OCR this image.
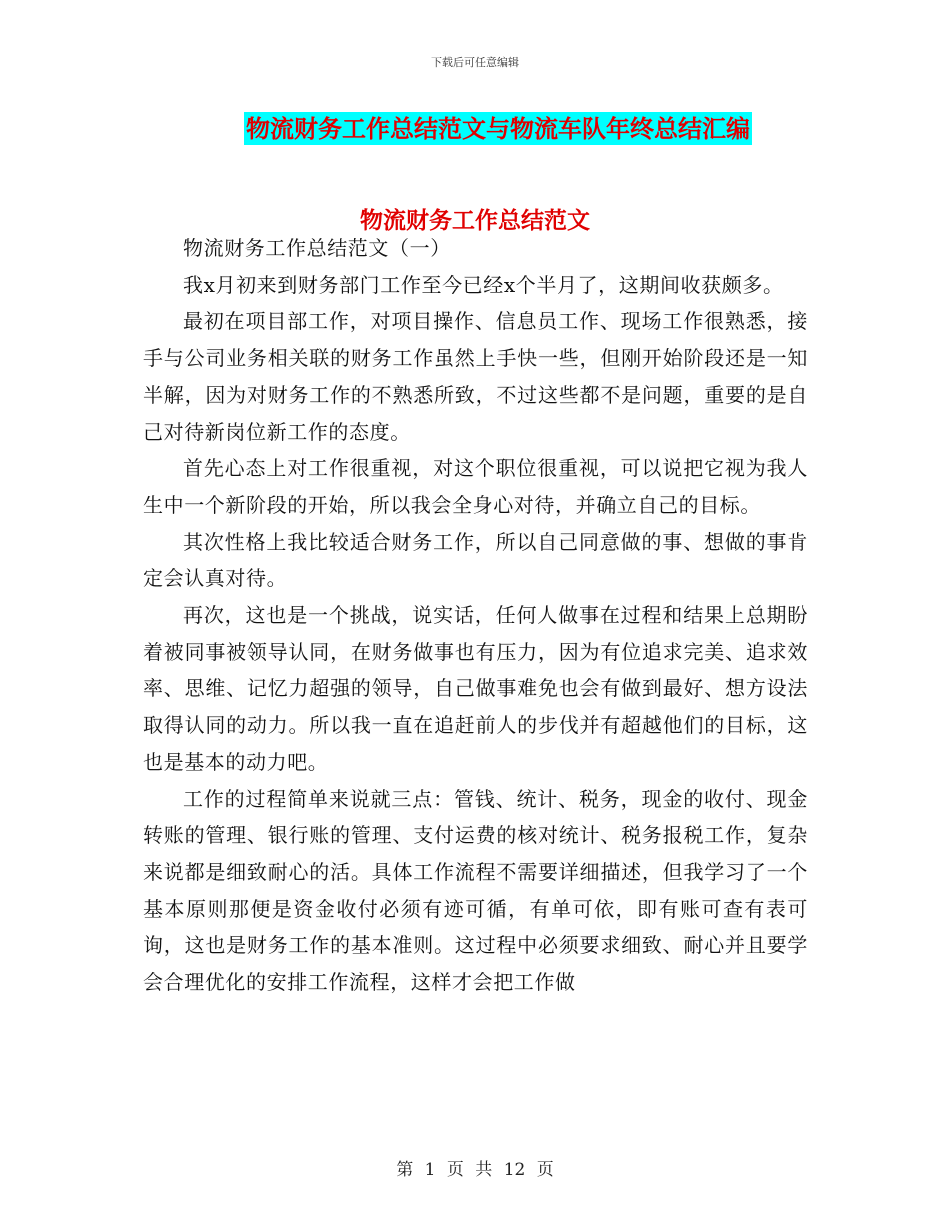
下载后可任意编辑
物流财务工作总结范文与物流车队年终总结汇编
物流财务工作总结范文

物流财务工作总结范文（一）

我x月初来到财务部门工作至今已经x个半月了，这期间收获颇多。

最初在项目部工作，对项目操作、信息员工作、现场工作很熟悉，接手与公司业务相关联的财务工作虽然上手快一些，但刚开始阶段还是一知半解，因为对财务工作的不熟悉所致，不过这些都不是问题，重要的是自己对待新岗位新工作的态度。

首先心态上对工作很重视，对这个职位很重视，可以说把它视为我人生中一个新阶段的开始，所以我会全身心对待，并确立自己的目标。

其次性格上我比较适合财务工作，所以自己同意做的事、想做的事肯定会认真对待。

再次，这也是一个挑战，说实话，任何人做事在过程和结果上总期盼着被同事被领导认同，在财务做事也有压力，因为有位追求完美、追求效率、思维、记忆力超强的领导，自己做事难免也会有做到最好、想方设法取得认同的动力。所以我一直在追赶前人的步伐并有超越他们的目标，这也是基本的动力吧。

工作的过程简单来说就三点：管钱、统计、税务，现金的收付、现金转账的管理、银行账的管理、支付运费的核对统计、税务报税工作，复杂来说都是细致耐心的活。具体工作流程不需要详细描述，但我学习了一个基本原则那便是资金收付必须有迹可循，有单可依，即有账可查有表可询，这也是财务工作的基本准则。这过程中必须要求细致、耐心并且要学会合理优化的安排工作流程，这样才会把工作做

第 1 页 共 12 页
